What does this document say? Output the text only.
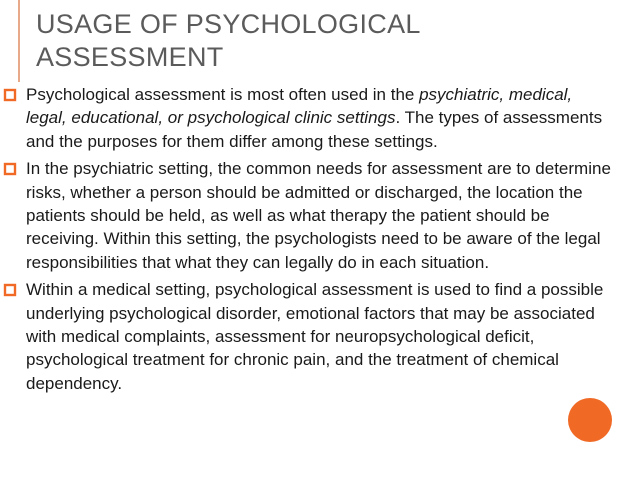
USAGE OF PSYCHOLOGICAL
ASSESSMENT
Psychological assessment is most often used in the psychiatric, medical, legal, educational, or psychological clinic settings. The types of assessments and the purposes for them differ among these settings.
In the psychiatric setting, the common needs for assessment are to determine risks, whether a person should be admitted or discharged, the location the patients should be held, as well as what therapy the patient should be receiving. Within this setting, the psychologists need to be aware of the legal responsibilities that what they can legally do in each situation.
Within a medical setting, psychological assessment is used to find a possible underlying psychological disorder, emotional factors that may be associated with medical complaints, assessment for neuropsychological deficit, psychological treatment for chronic pain, and the treatment of chemical dependency.
